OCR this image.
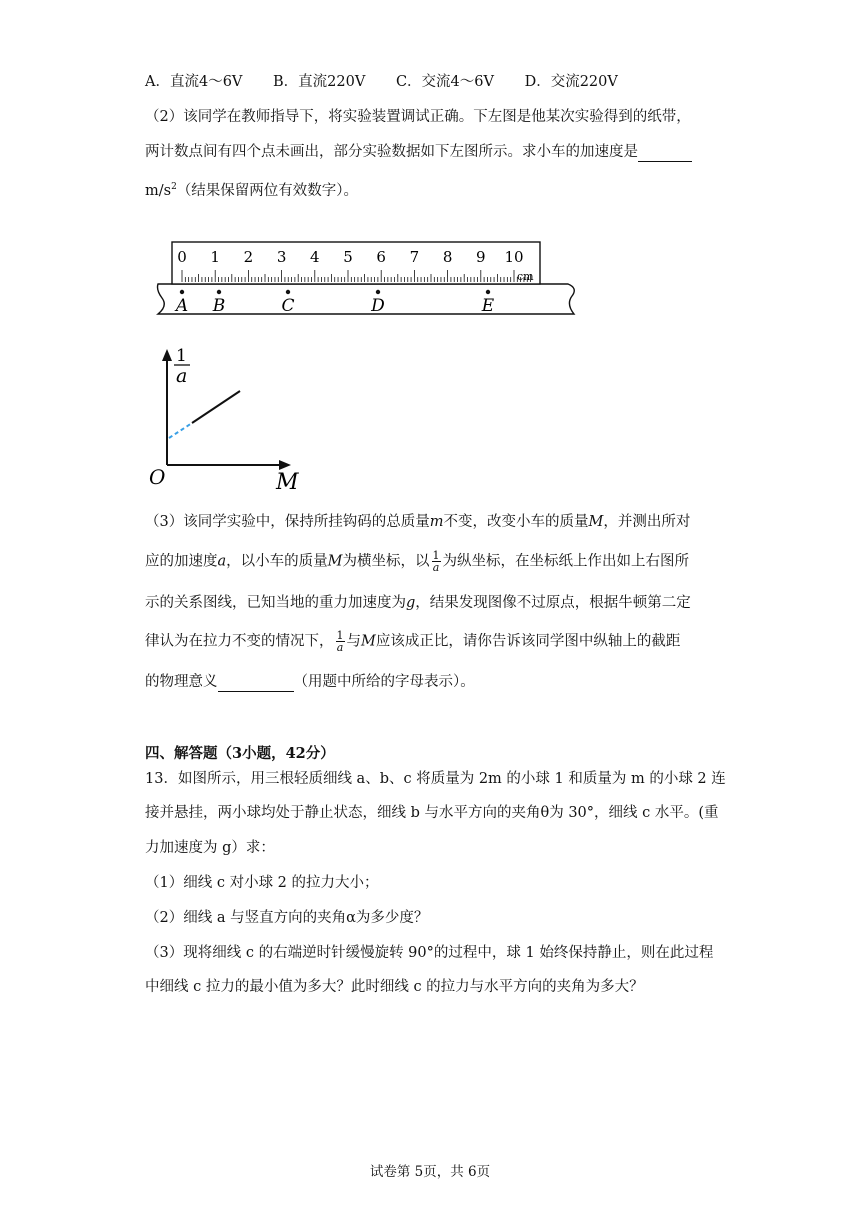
A．直流4～6V B．直流220V C．交流4～6V D．交流220V
（2）该同学在教师指导下，将实验装置调试正确。下左图是他某次实验得到的纸带，
两计数点间有四个点未画出，部分实验数据如下左图所示。求小车的加速度是
$m/s^2$（结果保留两位有效数字）。
0 1 2 3 4 5 6 7 8 9 10
cm
A B	C	D	E
1
a
O	M
（3）该同学实验中，保持所挂钩码的总质量m不变，改变小车的质量M，并测出所对
应的加速度a，以小车的质量M为横坐标，以 $\frac{1}{a}$ 为纵坐标，在坐标纸上作出如上右图所
示的关系图线，已知当地的重力加速度为g，结果发现图像不过原点，根据牛顿第二定
律认为在拉力不变的情况下， $\frac{1}{a}$ 与M应该成正比，请你告诉该同学图中纵轴上的截距
的物理意义	（用题中所给的字母表示）。
四、解答题（3小题，42分）
13．如图所示，用三根轻质细线 a、b、c 将质量为 2m 的小球 1 和质量为 m 的小球 2 连
接并悬挂，两小球均处于静止状态，细线 b 与水平方向的夹角θ为 30°，细线 c 水平。(重
力加速度为 g）求：
（1）细线 c 对小球 2 的拉力大小；
（2）细线 a 与竖直方向的夹角α为多少度？
（3）现将细线 c 的右端逆时针缓慢旋转 90°的过程中，球 1 始终保持静止，则在此过程
中细线 c 拉力的最小值为多大？此时细线 c 的拉力与水平方向的夹角为多大？
试卷第 5页，共 6页
